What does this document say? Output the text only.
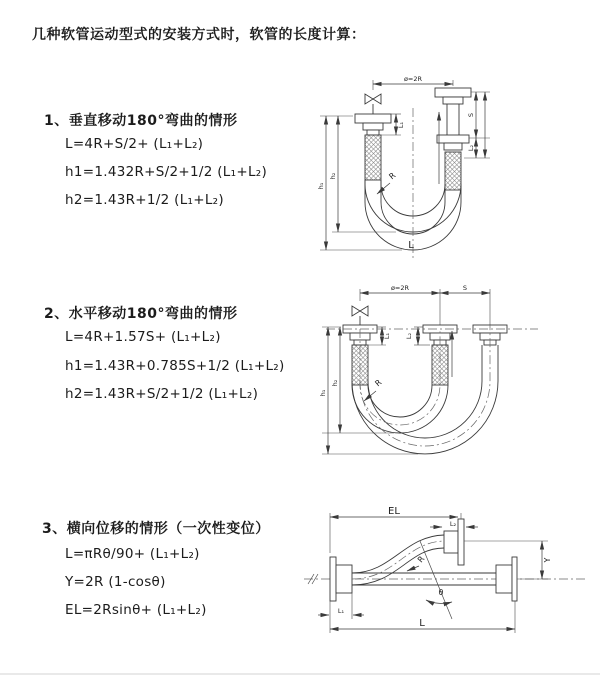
几种软管运动型式的安装方式时，软管的长度计算：
1、垂直移动180°弯曲的情形
L=4R+S/2+ (L₁+L₂)
h1=1.432R+S/2+1/2 (L₁+L₂)
h2=1.43R+1/2 (L₁+L₂)
ø=2R
h₁
h₂
L₁
S
L₂
R
L
2、水平移动180°弯曲的情形
L=4R+1.57S+ (L₁+L₂)
h1=1.43R+0.785S+1/2 (L₁+L₂)
h2=1.43R+S/2+1/2 (L₁+L₂)
ø=2R	S
h₁
h₂
L₁ L₂
R
3、横向位移的情形（一次性变位）
L=πRθ/90+ (L₁+L₂)
Y=2R (1-cosθ)
EL=2Rsinθ+ (L₁+L₂)
EL
L₂
Y
R
θ
L₁
L
